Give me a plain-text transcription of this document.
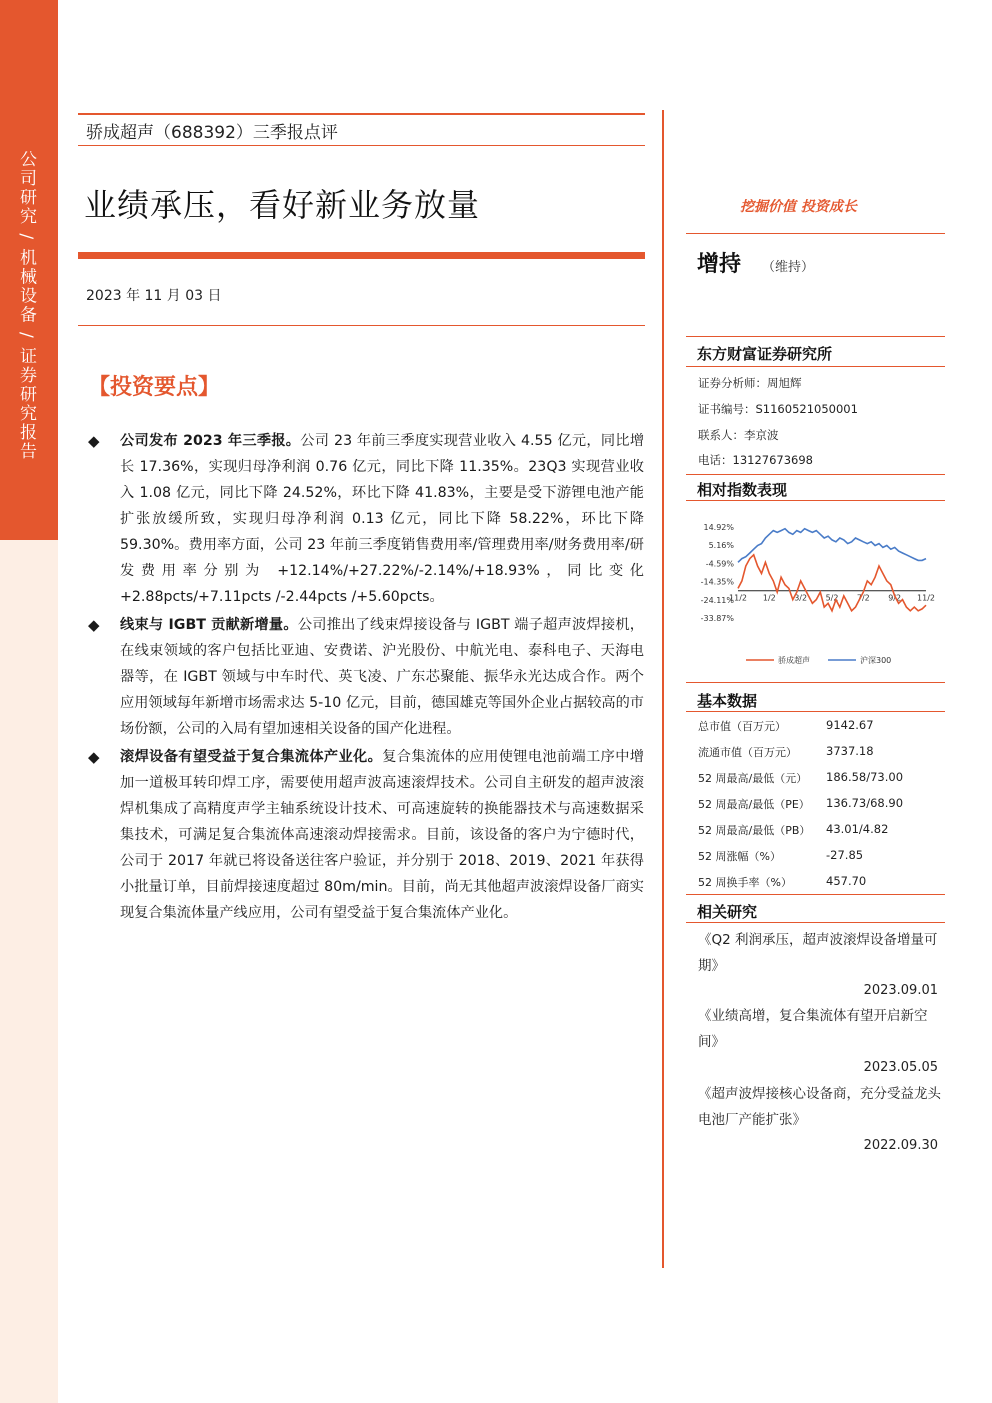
公司研究 / 机械设备 / 证券研究报告
骄成超声（688392）三季报点评
业绩承压，看好新业务放量
2023 年 11 月 03 日
【投资要点】
◆ 公司发布 2023 年三季报。公司 23 年前三季度实现营业收入 4.55 亿元，同比增长 17.36%，实现归母净利润 0.76 亿元，同比下降 11.35%。23Q3 实现营业收入 1.08 亿元，同比下降 24.52%，环比下降 41.83%，主要是受下游锂电池产能扩张放缓所致，实现归母净利润 0.13 亿元，同比下降 58.22%，环比下降 59.30%。费用率方面，公司 23 年前三季度销售费用率/管理费用率/财务费用率/研发费用率分别为 +12.14%/+27.22%/-2.14%/+18.93%，同比变化 +2.88pcts/+7.11pcts /-2.44pcts /+5.60pcts。
◆ 线束与 IGBT 贡献新增量。公司推出了线束焊接设备与 IGBT 端子超声波焊接机，在线束领域的客户包括比亚迪、安费诺、沪光股份、中航光电、泰科电子、天海电器等，在 IGBT 领域与中车时代、英飞凌、广东芯聚能、振华永光达成合作。两个应用领域每年新增市场需求达 5-10 亿元，目前，德国雄克等国外企业占据较高的市场份额，公司的入局有望加速相关设备的国产化进程。
◆ 滚焊设备有望受益于复合集流体产业化。复合集流体的应用使锂电池前端工序中增加一道极耳转印焊工序，需要使用超声波高速滚焊技术。公司自主研发的超声波滚焊机集成了高精度声学主轴系统设计技术、可高速旋转的换能器技术与高速数据采集技术，可满足复合集流体高速滚动焊接需求。目前，该设备的客户为宁德时代，公司于 2017 年就已将设备送往客户验证，并分别于 2018、2019、2021 年获得小批量订单，目前焊接速度超过 80m/min。目前，尚无其他超声波滚焊设备厂商实现复合集流体量产线应用，公司有望受益于复合集流体产业化。
挖掘价值 投资成长
增持 （维持）
东方财富证券研究所
证券分析师：周旭辉
证书编号：S1160521050001
联系人：李京波
电话：13127673698
相对指数表现
14.92%
5.16%
-4.59%
-14.35%
-24.11%
-33.87%
11/2 1/2 3/2 5/2 7/2 9/2 11/2
骄成超声	沪深300
基本数据
总市值（百万元）	9142.67
流通市值（百万元）	3737.18
52 周最高/最低（元） 186.58/73.00
52 周最高/最低（PE） 136.73/68.90
52 周最高/最低（PB） 43.01/4.82
52 周涨幅（%）	-27.85
52 周换手率（%）	457.70
相关研究
《Q2 利润承压，超声波滚焊设备增量可期》
2023.09.01
《业绩高增，复合集流体有望开启新空间》
2023.05.05
《超声波焊接核心设备商，充分受益龙头电池厂产能扩张》
2022.09.30
